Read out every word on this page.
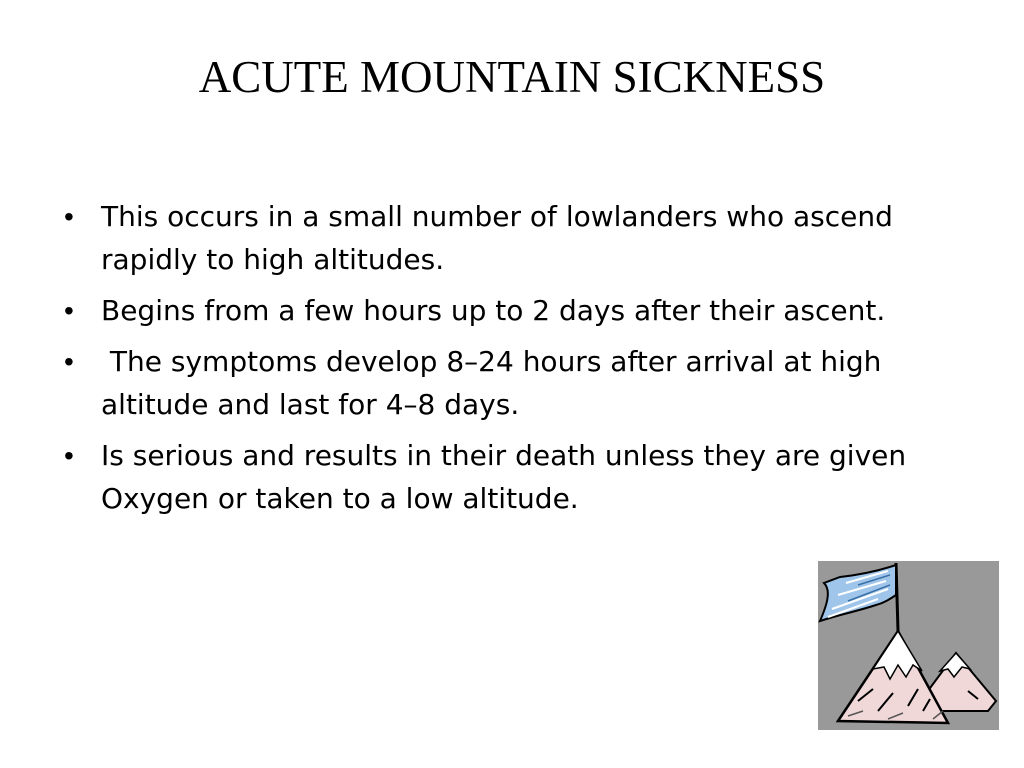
ACUTE MOUNTAIN SICKNESS
• This occurs in a small number of lowlanders who ascend rapidly to high altitudes.
• Begins from a few hours up to 2 days after their ascent.
• The symptoms develop 8–24 hours after arrival at high altitude and last for 4–8 days.
• Is serious and results in their death unless they are given Oxygen or taken to a low altitude.
